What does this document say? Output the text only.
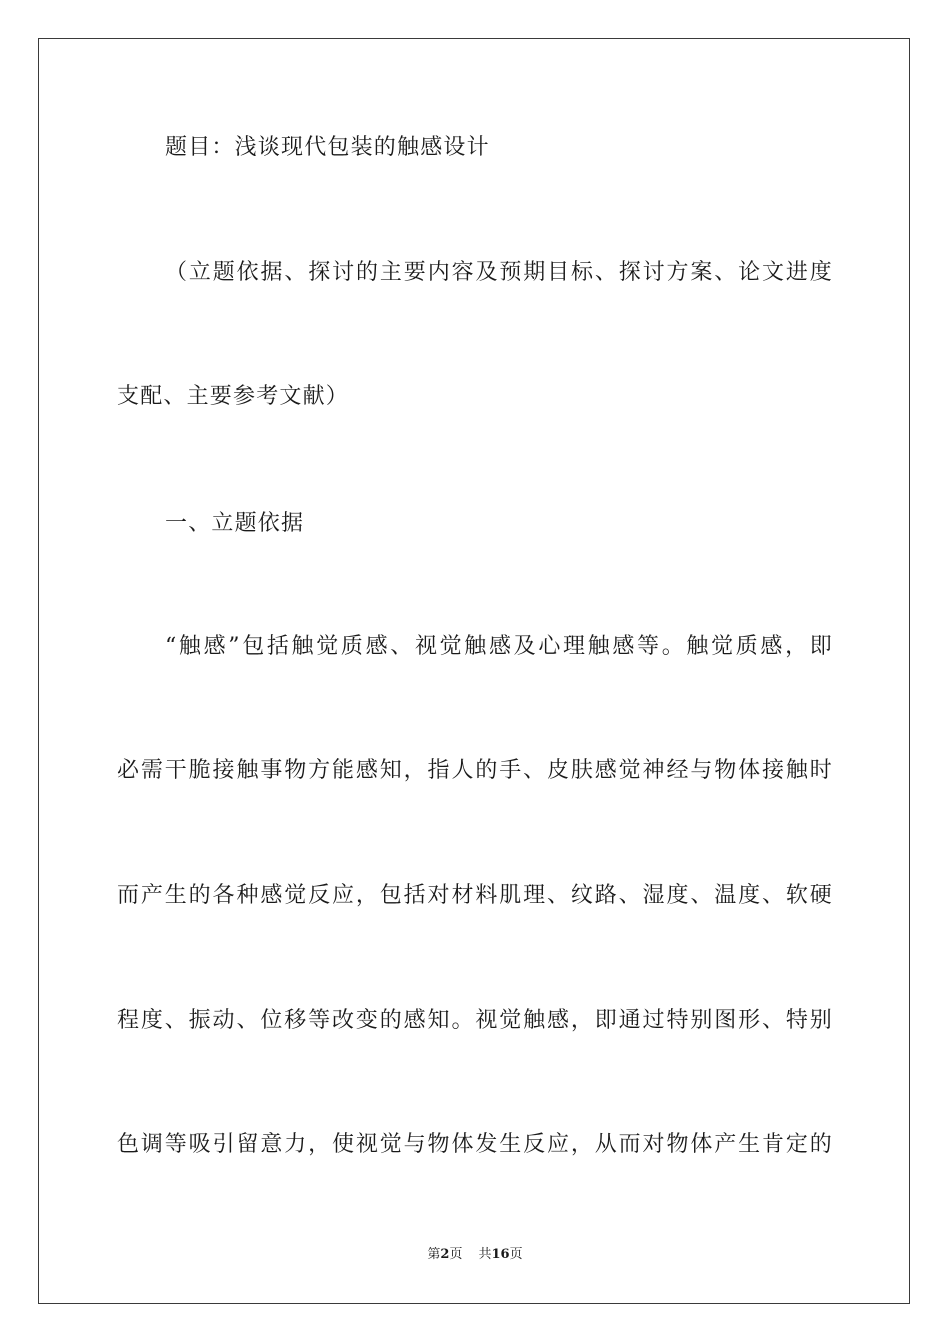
题目：浅谈现代包装的触感设计
（立题依据、探讨的主要内容及预期目标、探讨方案、论文进度
支配、主要参考文献）
一、立题依据
“触感”包括触觉质感、视觉触感及心理触感等。触觉质感，即
必需干脆接触事物方能感知，指人的手、皮肤感觉神经与物体接触时
而产生的各种感觉反应，包括对材料肌理、纹路、湿度、温度、软硬
程度、振动、位移等改变的感知。视觉触感，即通过特别图形、特别
色调等吸引留意力，使视觉与物体发生反应，从而对物体产生肯定的
第2页 共16页
